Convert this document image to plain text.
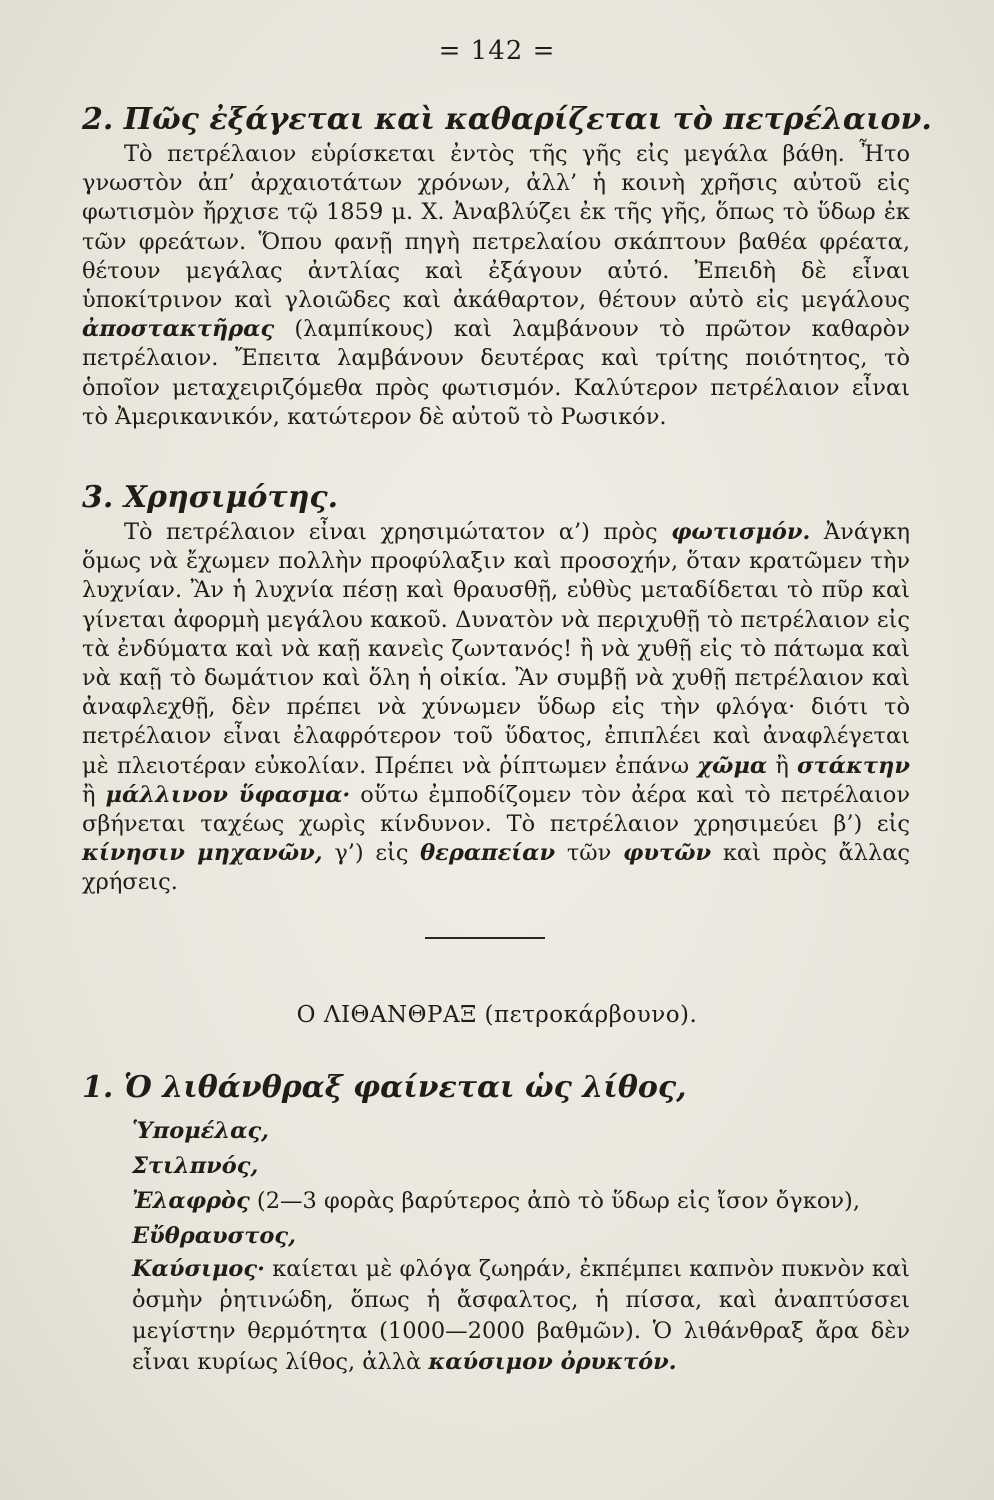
= 142 =
2. Πῶς ἐξάγεται καὶ καθαρίζεται τὸ πετρέλαιον.

Τὸ πετρέλαιον εὑρίσκεται ἐντὸς τῆς γῆς εἰς μεγάλα βάθη. Ἦτο γνωστὸν ἀπ’ ἀρχαιοτάτων χρόνων, ἀλλ’ ἡ κοινὴ χρῆσις αὐτοῦ εἰς φωτισμὸν ἤρχισε τῷ 1859 μ. Χ. Ἀναβλύζει ἐκ τῆς γῆς, ὅπως τὸ ὕδωρ ἐκ τῶν φρεάτων. Ὅπου φανῇ πηγὴ πετρελαίου σκάπτουν βαθέα φρέατα, θέτουν μεγάλας ἀντλίας καὶ ἐξάγουν αὐτό. Ἐπειδὴ δὲ εἶναι ὑποκίτρινον καὶ γλοιῶδες καὶ ἀκάθαρτον, θέτουν αὐτὸ εἰς μεγάλους ἀποστακτῆρας (λαμπίκους) καὶ λαμβάνουν τὸ πρῶτον καθαρὸν πετρέλαιον. Ἔπειτα λαμβάνουν δευτέρας καὶ τρίτης ποιότητος, τὸ ὁποῖον μεταχειριζόμεθα πρὸς φωτισμόν. Καλύτερον πετρέλαιον εἶναι τὸ Ἀμερικανικόν, κατώτερον δὲ αὐτοῦ τὸ Ρωσικόν.

3. Χρησιμότης.

Τὸ πετρέλαιον εἶναι χρησιμώτατον α’) πρὸς φωτισμόν. Ἀνάγκη ὅμως νὰ ἔχωμεν πολλὴν προφύλαξιν καὶ προσοχήν, ὅταν κρατῶμεν τὴν λυχνίαν. Ἂν ἡ λυχνία πέσῃ καὶ θραυσθῇ, εὐθὺς μεταδίδεται τὸ πῦρ καὶ γίνεται ἀφορμὴ μεγάλου κακοῦ. Δυνατὸν νὰ περιχυθῇ τὸ πετρέλαιον εἰς τὰ ἐνδύματα καὶ νὰ καῇ κανεὶς ζωντανός! ἢ νὰ χυθῇ εἰς τὸ πάτωμα καὶ νὰ καῇ τὸ δωμάτιον καὶ ὅλη ἡ οἰκία. Ἂν συμβῇ νὰ χυθῇ πετρέλαιον καὶ ἀναφλεχθῇ, δὲν πρέπει νὰ χύνωμεν ὕδωρ εἰς τὴν φλόγα· διότι τὸ πετρέλαιον εἶναι ἐλαφρότερον τοῦ ὕδατος, ἐπιπλέει καὶ ἀναφλέγεται μὲ πλειοτέραν εὐκολίαν. Πρέπει νὰ ῥίπτωμεν ἐπάνω χῶμα ἢ στάκτην ἢ μάλλινον ὕφασμα· οὕτω ἐμποδίζομεν τὸν ἀέρα καὶ τὸ πετρέλαιον σβήνεται ταχέως χωρὶς κίνδυνον. Τὸ πετρέλαιον χρησιμεύει β’) εἰς κίνησιν μηχανῶν, γ’) εἰς θεραπείαν τῶν φυτῶν καὶ πρὸς ἄλλας χρήσεις.

Ο ΛΙΘΑΝΘΡΑΞ (πετροκάρβουνο).
1. Ὁ λιθάνθραξ φαίνεται ὡς λίθος,
Ὑπομέλας,
Στιλπνός,
Ἐλαφρὸς (2—3 φορὰς βαρύτερος ἀπὸ τὸ ὕδωρ εἰς ἴσον ὄγκον),
Εὔθραυστος,

Καύσιμος· καίεται μὲ φλόγα ζωηράν, ἐκπέμπει καπνὸν πυκνὸν καὶ ὀσμὴν ῥητινώδη, ὅπως ἡ ἄσφαλτος, ἡ πίσσα, καὶ ἀναπτύσσει μεγίστην θερμότητα (1000—2000 βαθμῶν). Ὁ λιθάνθραξ ἄρα δὲν εἶναι κυρίως λίθος, ἀλλὰ καύσιμον ὀρυκτόν.
